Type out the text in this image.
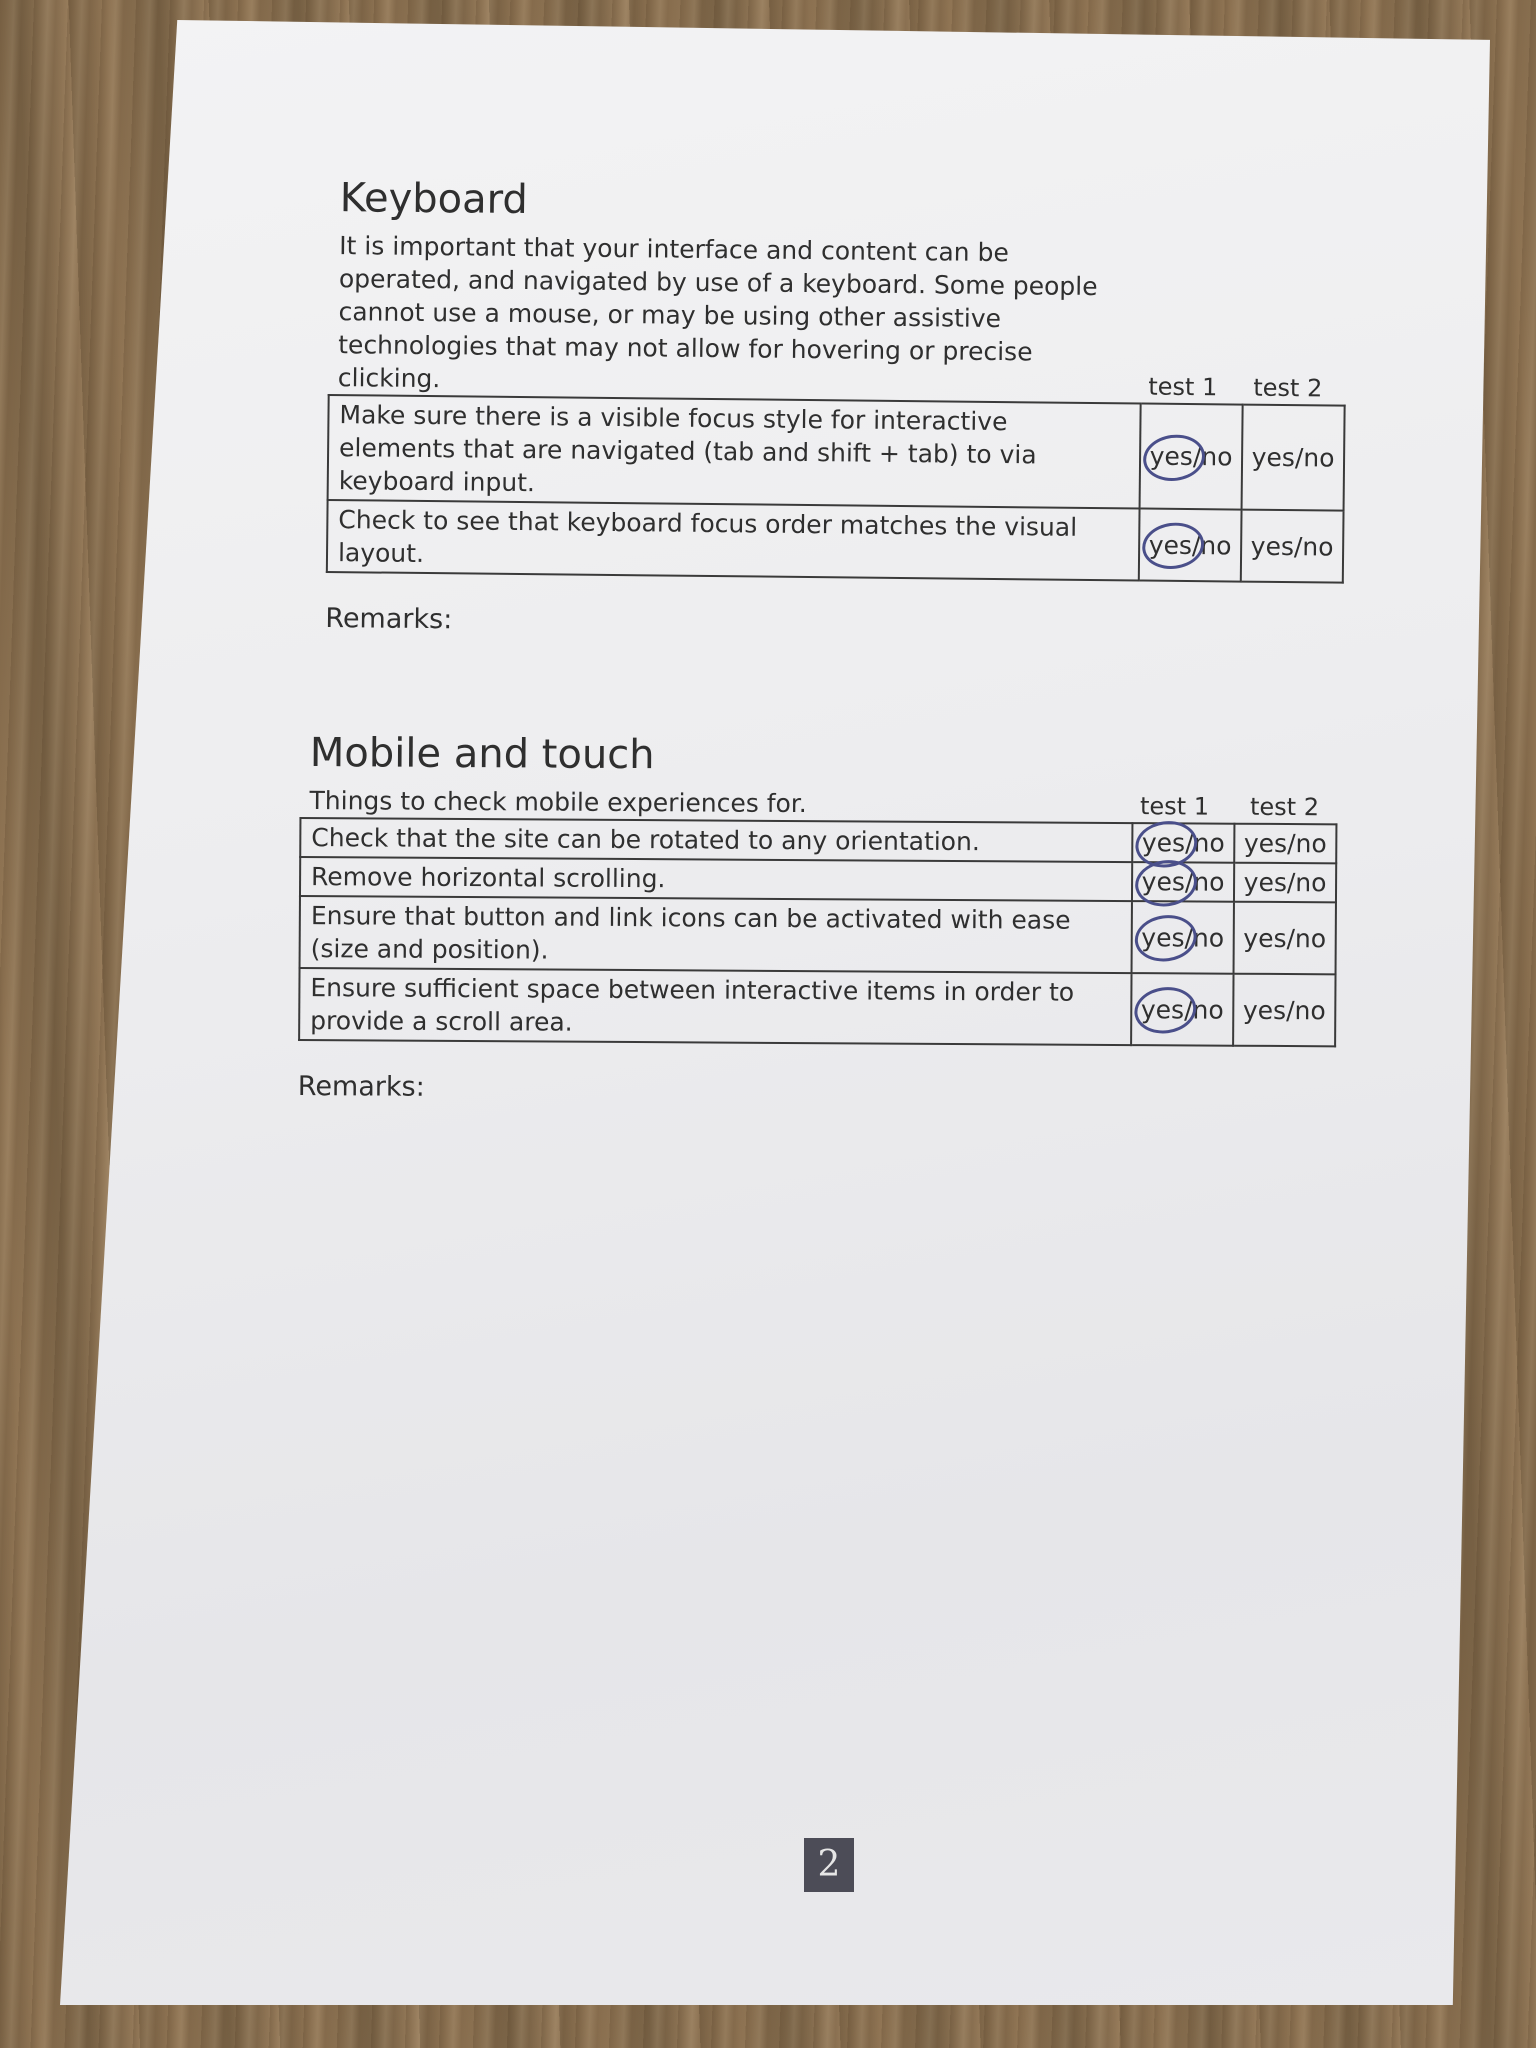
Keyboard

It is important that your interface and content can be operated, and navigated by use of a keyboard. Some people cannot use a mouse, or may be using other assistive technologies that may not allow for hovering or precise clicking.	test 1	test 2
Make sure there is a visible focus style for interactive elements that are navigated (tab and shift + tab) to via keyboard input.	yes/no	yes/no
Check to see that keyboard focus order matches the visual layout.	yes/no	yes/no
Remarks:
Mobile and touch

Things to check mobile experiences for.	test 1	test 2
Check that the site can be rotated to any orientation.	yes/no	yes/no
Remove horizontal scrolling.	yes/no	yes/no
Ensure that button and link icons can be activated with ease (size and position).	yes/no	yes/no
Ensure sufficient space between interactive items in order to provide a scroll area.	yes/no	yes/no
Remarks:
2
